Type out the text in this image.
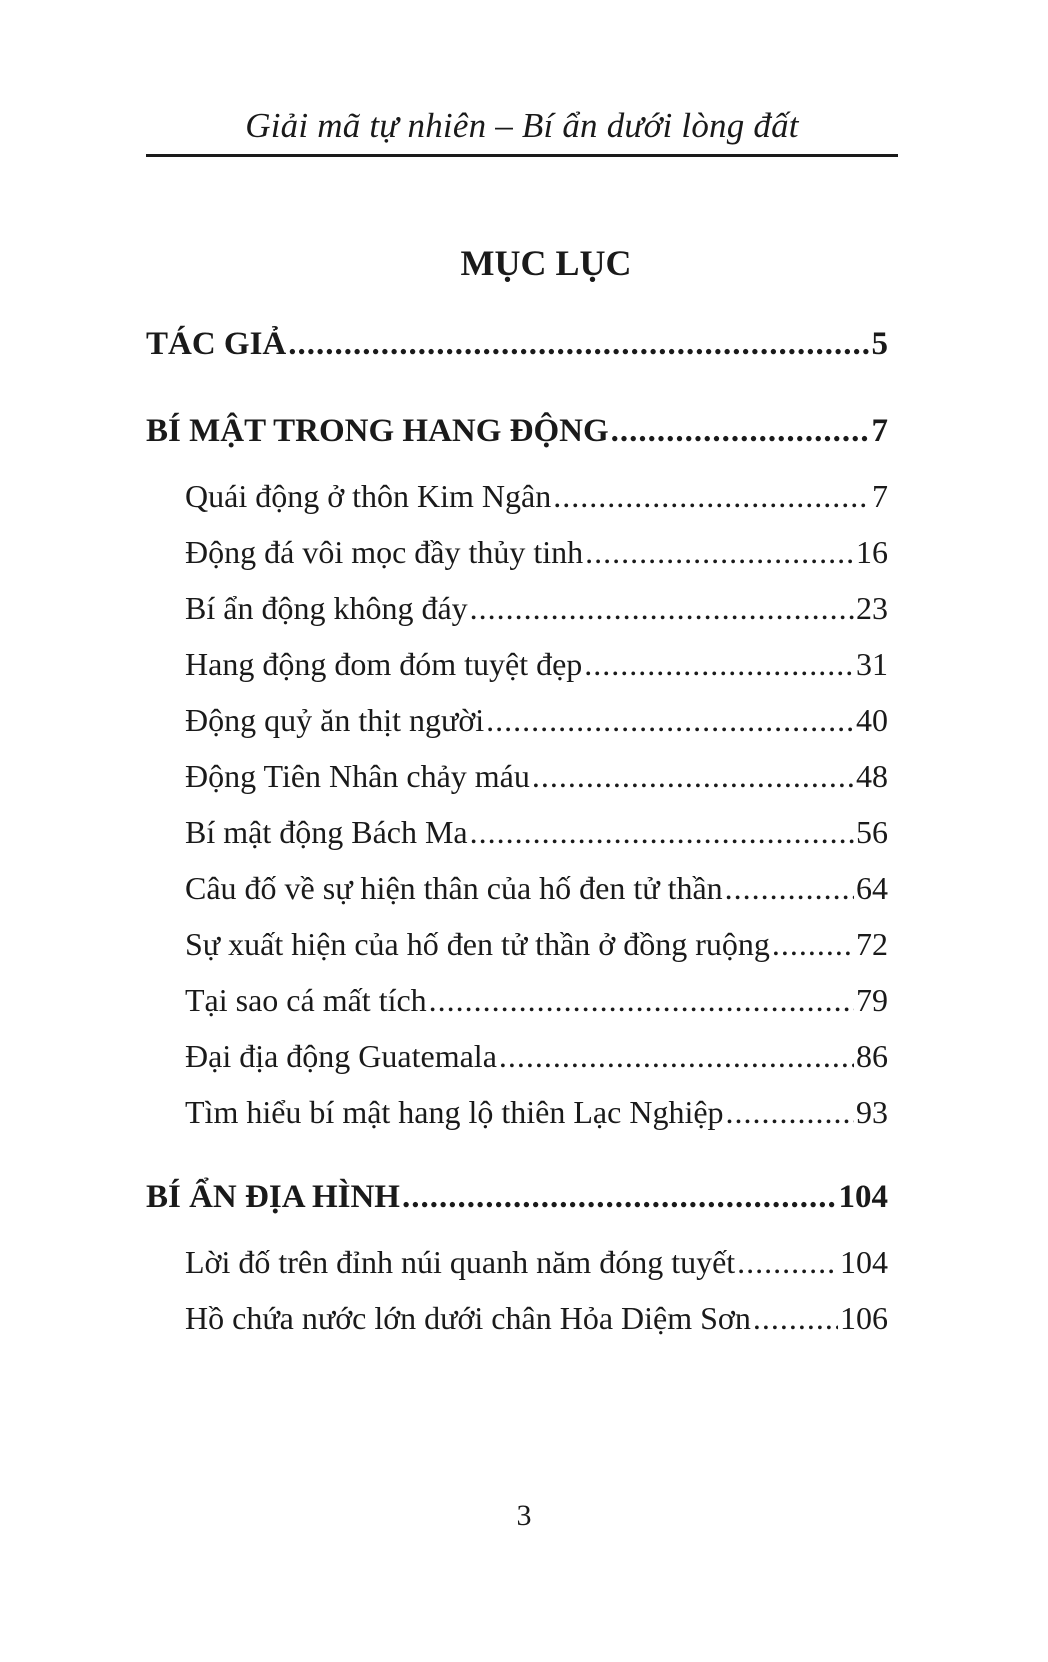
Giải mã tự nhiên – Bí ẩn dưới lòng đất
MỤC LỤC
TÁC GIẢ .....	5
BÍ MẬT TRONG HANG ĐỘNG .....	7
Quái động ở thôn Kim Ngân .....	7
Động đá vôi mọc đầy thủy tinh .....	16
Bí ẩn động không đáy .....	23
Hang động đom đóm tuyệt đẹp .....	31
Động quỷ ăn thịt người .....	40
Động Tiên Nhân chảy máu .....	48
Bí mật động Bách Ma .....	56
Câu đố về sự hiện thân của hố đen tử thần .....	64
Sự xuất hiện của hố đen tử thần ở đồng ruộng .....	72
Tại sao cá mất tích .....	79
Đại địa động Guatemala .....	86
Tìm hiểu bí mật hang lộ thiên Lạc Nghiệp .....	93
BÍ ẨN ĐỊA HÌNH .....	104
Lời đố trên đỉnh núi quanh năm đóng tuyết .....	104
Hồ chứa nước lớn dưới chân Hỏa Diệm Sơn .....	106
3
